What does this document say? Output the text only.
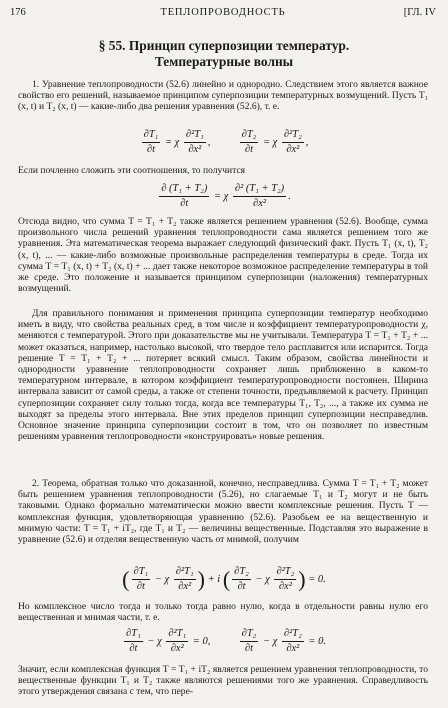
176	ТЕПЛОПРОВОДНОСТЬ	[ГЛ. IV
§ 55. Принцип суперпозиции температур.
Температурные волны
1. Уравнение теплопроводности (52.6) линейно и однородно. Следствием этого является важное свойство его решений, называемое принципом суперпозиции температурных возмущений. Пусть T₁ (x, t) и T₂ (x, t) — какие-либо два решения уравнения (52.6), т. е.
$\frac{\text{∂T₁}}{\partial t} = \chi \frac{\text{∂²T₁}}{\text{∂x²}}$ ,	$\frac{\text{∂T₂}}{\partial t} = \chi \frac{\text{∂²T₂}}{\text{∂x²}}$ ,
Если почленно сложить эти соотношения, то получится
$\frac{\text{∂ (T₁ + T₂)}}{\partial t} = \chi \frac{\text{∂² (T₁ + T₂)}}{\text{∂x²}}$ .
Отсюда видно, что сумма T = T₁ + T₂ также является решением уравнения (52.6). Вообще, сумма произвольного числа решений уравнения теплопроводности сама является решением того же уравнения. Эта математическая теорема выражает следующий физический факт. Пусть T₁ (x, t), T₂ (x, t), ... — какие-либо возможные произвольные распределения температуры в среде. Тогда их сумма T = T₁ (x, t) + T₂ (x, t) + ... дает также некоторое возможное распределение температуры в той же среде. Это положение и называется принципом суперпозиции (наложения) температурных возмущений.
Для правильного понимания и применения принципа суперпозиции температур необходимо иметь в виду, что свойства реальных сред, в том числе и коэффициент температуропроводности χ, меняются с температурой. Этого при доказательстве мы не учитывали. Температура T = T₁ + T₂ + ... может оказаться, например, настолько высокой, что твердое тело расплавится или испарится. Тогда решение T = T₁ + T₂ + ... потеряет всякий смысл. Таким образом, свойства линейности и однородности уравнение теплопроводности сохраняет лишь приближенно в каком-то температурном интервале, в котором коэффициент температуропроводности постоянен. Ширина интервала зависит от самой среды, а также от степени точности, предъявляемой к расчету. Принцип суперпозиции сохраняет силу только тогда, когда все температуры T₁, T₂, ..., а также их сумма не выходят за пределы этого интервала. Вне этих пределов принцип суперпозиции несправедлив. Основное значение принципа суперпозиции состоит в том, что он позволяет по известным решениям уравнения теплопроводности «конструировать» новые решения.
2. Теорема, обратная только что доказанной, конечно, несправедлива. Сумма T = T₁ + T₂ может быть решением уравнения теплопроводности (5.26), но слагаемые T₁ и T₂ могут и не быть таковыми. Однако формально математически можно ввести комплексные решения. Пусть T — комплексная функция, удовлетворяющая уравнению (52.6). Разобьем ее на вещественную и мнимую части: T = T₁ + iT₂, где T₁ и T₂ — величины вещественные. Подставляя это выражение в уравнение (52.6) и отделяя вещественную часть от мнимой, получим
( $\frac{\text{∂T₁}}{\partial t} - \chi \frac{\text{∂²T₁}}{\text{∂x²}}$ ) + i ( $\frac{\text{∂T₂}}{\partial t} - \chi \frac{\text{∂²T₂}}{\text{∂x²}}$ ) = 0.
Но комплексное число тогда и только тогда равно нулю, когда в отдельности равны нулю его вещественная и мнимая части, т. е.
$\frac{\text{∂T₁}}{\partial t} - \chi \frac{\text{∂²T₁}}{\text{∂x²}} = 0$,	$\frac{\text{∂T₂}}{\partial t} - \chi \frac{\text{∂²T₂}}{\text{∂x²}} = 0$.
Значит, если комплексная функция T = T₁ + iT₂ является решением уравнения теплопроводности, то вещественные функции T₁ и T₂ также являются решениями того же уравнения. Справедливость этого утверждения связана с тем, что пере-
